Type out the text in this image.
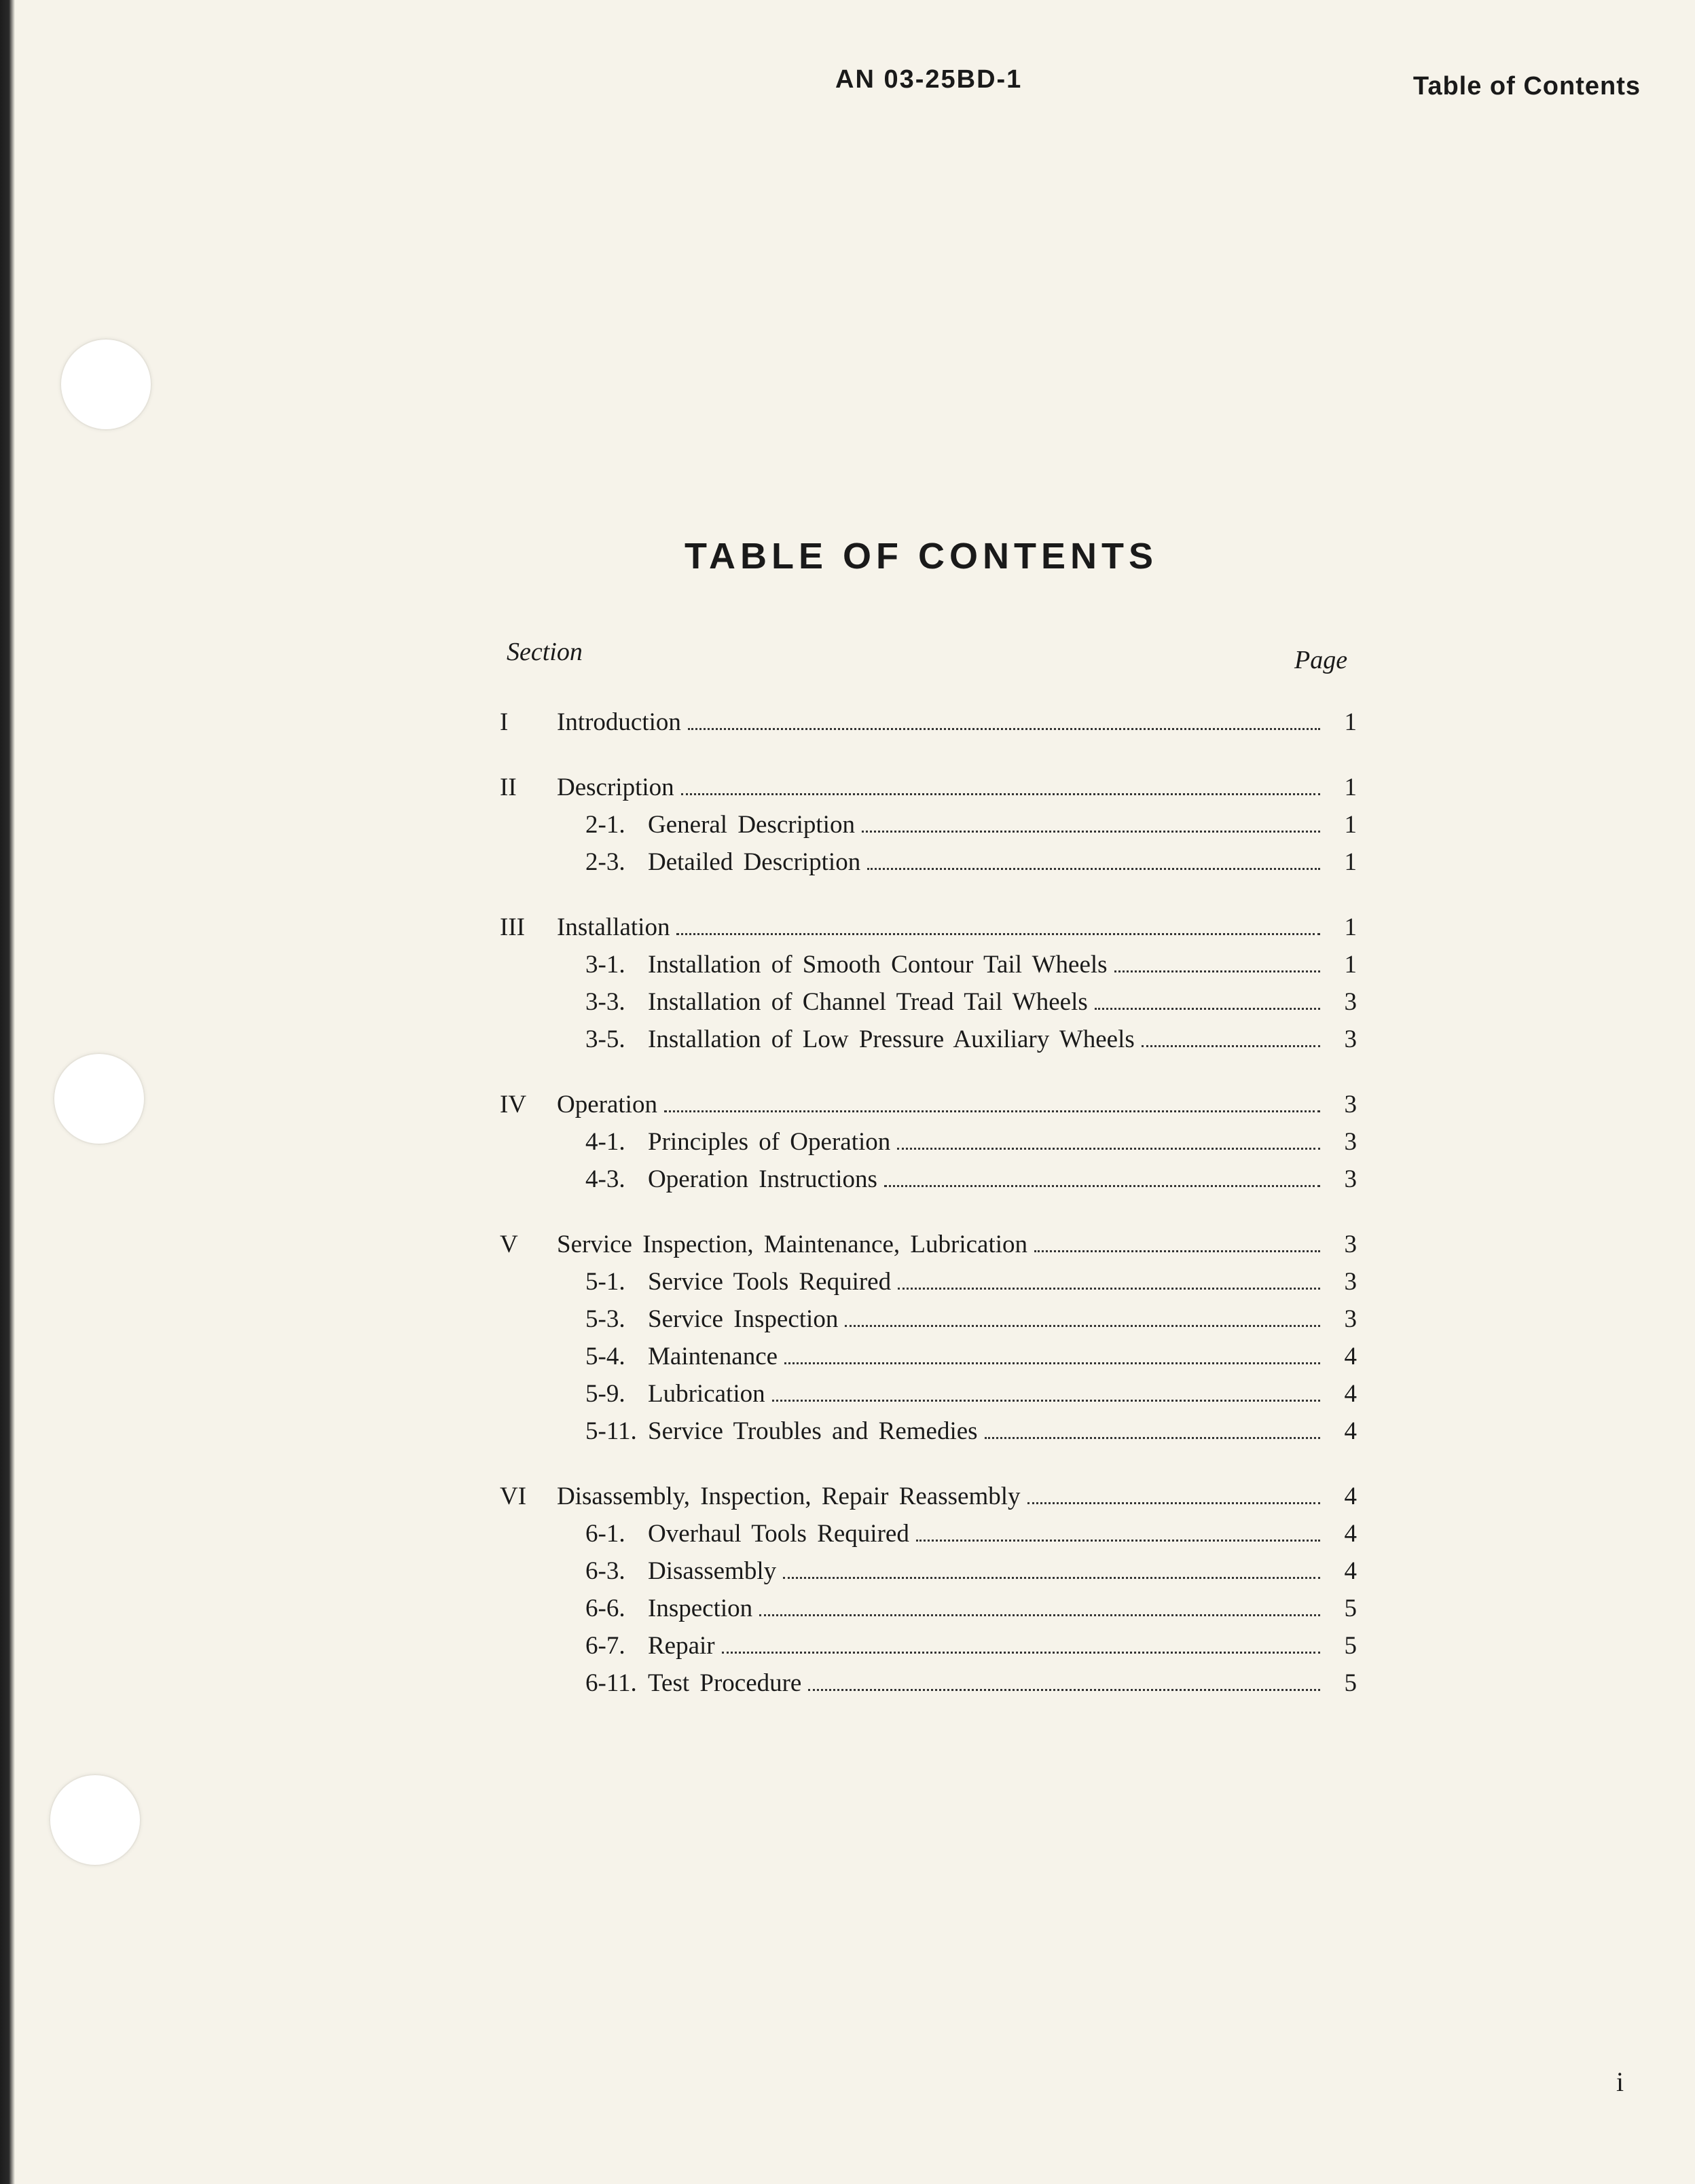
AN 03-25BD-1	Table of Contents
TABLE OF CONTENTS
Section	Page
I	Introduction	1
II	Description	1
2-1. General Description	1
2-3. Detailed Description	1
III	Installation	1
3-1. Installation of Smooth Contour Tail Wheels	1
3-3. Installation of Channel Tread Tail Wheels	3
3-5. Installation of Low Pressure Auxiliary Wheels	3
IV	Operation	3
4-1. Principles of Operation	3
4-3. Operation Instructions	3
V	Service Inspection, Maintenance, Lubrication	3
5-1. Service Tools Required	3
5-3. Service Inspection	3
5-4. Maintenance	4
5-9. Lubrication	4
5-11. Service Troubles and Remedies	4
VI	Disassembly, Inspection, Repair Reassembly	4
6-1. Overhaul Tools Required	4
6-3. Disassembly	4
6-6. Inspection	5
6-7. Repair	5
6-11. Test Procedure	5
i
